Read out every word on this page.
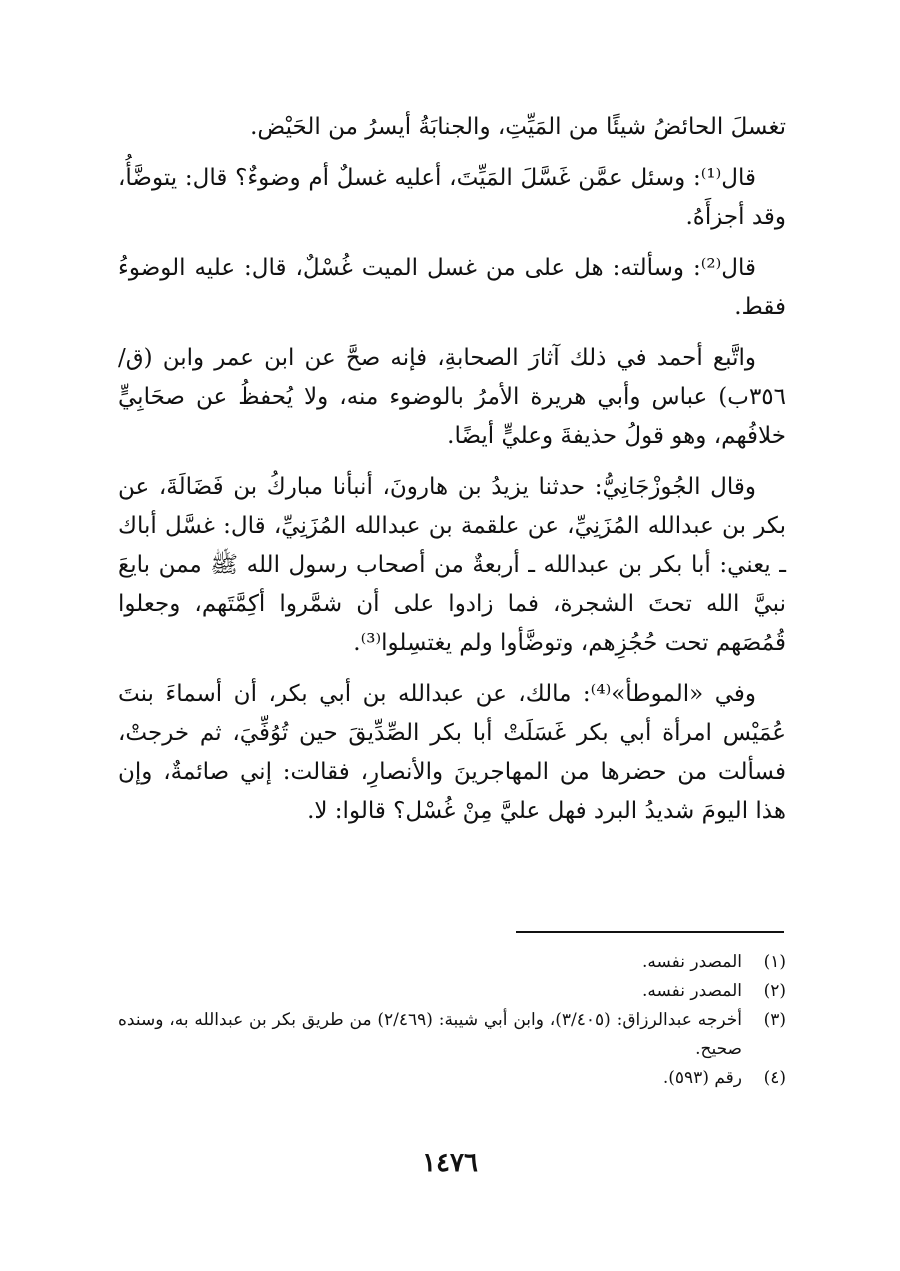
تغسلَ الحائضُ شيئًا من المَيِّتِ، والجنابَةُ أيسرُ من الحَيْض.

قال⁽¹⁾: وسئل عمَّن غَسَّلَ المَيِّتَ، أعليه غسلٌ أم وضوءٌ؟ قال: يتوضَّأُ، وقد أجزأَهُ.

قال⁽²⁾: وسألته: هل على من غسل الميت غُسْلٌ، قال: عليه الوضوءُ فقط.

واتَّبع أحمد في ذلك آثارَ الصحابةِ، فإنه صحَّ عن ابن عمر وابن (ق/٣٥٦ب) عباس وأبي هريرة الأمرُ بالوضوء منه، ولا يُحفظُ عن صحَابِيٍّ خلافُهم، وهو قولُ حذيفةَ وعليٍّ أيضًا.

وقال الجُوزْجَانِيُّ: حدثنا يزيدُ بن هارونَ، أنبأنا مباركُ بن فَضَالَةَ، عن بكر بن عبدالله المُزَنِيِّ، عن علقمة بن عبدالله المُزَنِيِّ، قال: غسَّل أباك ـ يعني: أبا بكر بن عبدالله ـ أربعةٌ من أصحاب رسول الله ﷺ ممن بايعَ نبيَّ الله تحتَ الشجرة، فما زادوا على أن شمَّروا أكِمَّتَهم، وجعلوا قُمُصَهم تحت حُجُزِهم، وتوضَّأوا ولم يغتسِلوا⁽³⁾.

وفي «الموطأ»⁽⁴⁾: مالك، عن عبدالله بن أبي بكر، أن أسماءَ بنتَ عُمَيْس امرأة أبي بكر غَسَلَتْ أبا بكر الصِّدِّيقَ حين تُوُفِّيَ، ثم خرجتْ، فسألت من حضرها من المهاجرينَ والأنصارِ، فقالت: إني صائمةٌ، وإن هذا اليومَ شديدُ البرد فهل عليَّ مِنْ غُسْل؟ قالوا: لا.

(١)
المصدر نفسه.
(٢)
المصدر نفسه.
(٣)
أخرجه عبدالرزاق: (٣/٤٠٥)، وابن أبي شيبة: (٢/٤٦٩) من طريق بكر بن عبدالله به، وسنده صحيح.
(٤)
رقم (٥٩٣).
١٤٧٦
